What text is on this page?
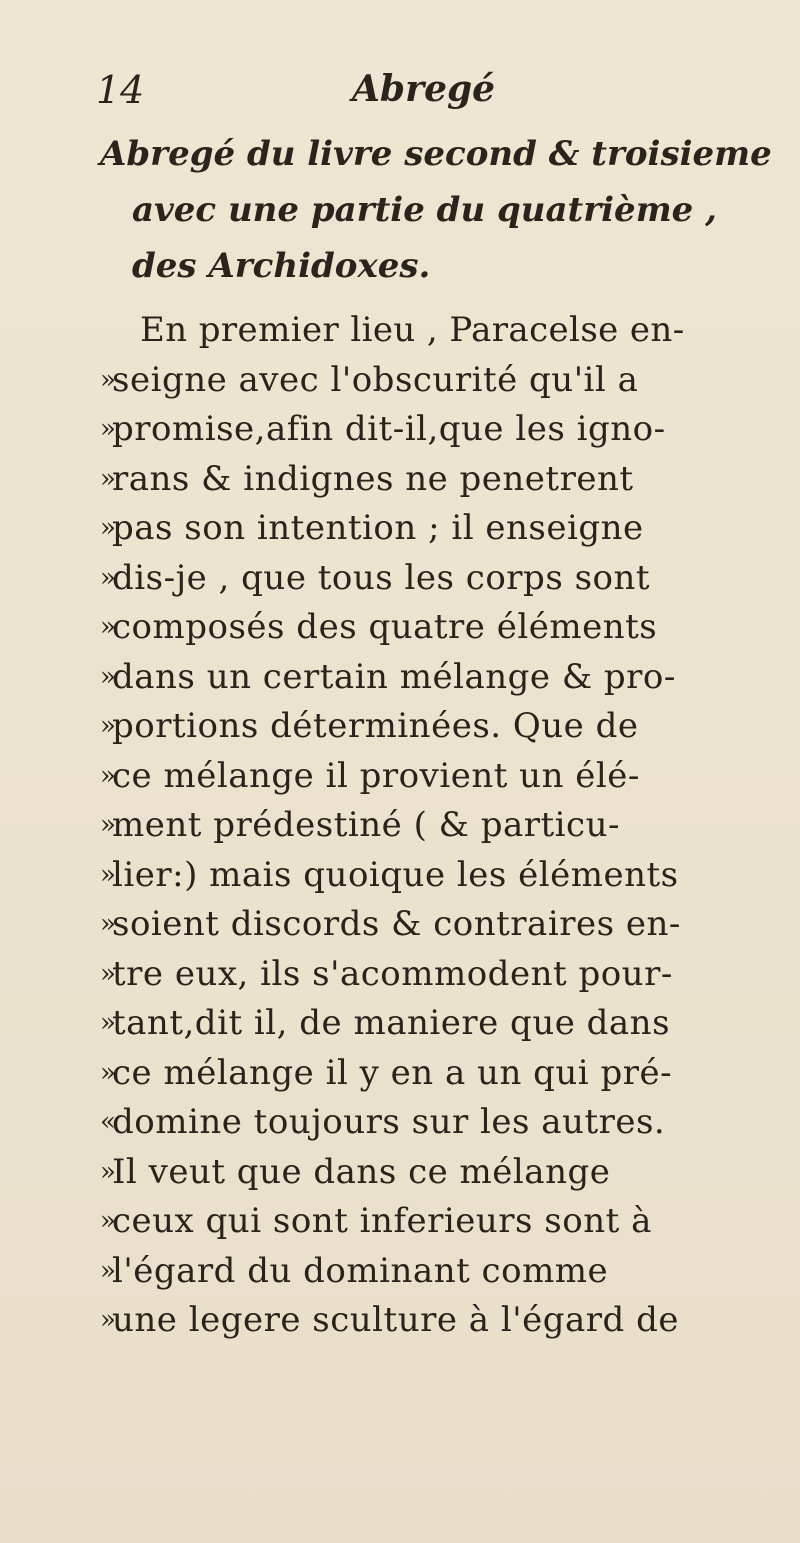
14	Abregé
Abregé du livre second & troisieme
avec une partie du quatrième ,
des Archidoxes.
En premier lieu , Paracelse en-
»
seigne avec l'obscurité qu'il a
»
promise,afin dit-il,que les igno-
»
rans & indignes ne penetrent
»
pas son intention ; il enseigne
»
dis-je , que tous les corps sont
»
composés des quatre éléments
»
dans un certain mélange & pro-
»
portions déterminées. Que de
»
ce mélange il provient un élé-
»
ment prédestiné ( & particu-
»
lier:) mais quoique les éléments
»
soient discords & contraires en-
»
tre eux, ils s'acommodent pour-
»
tant,dit il, de maniere que dans
»
ce mélange il y en a un qui pré-
«
domine toujours sur les autres.
»
Il veut que dans ce mélange
»
ceux qui sont inferieurs sont à
»
l'égard du dominant comme
»
une legere sculture à l'égard de
